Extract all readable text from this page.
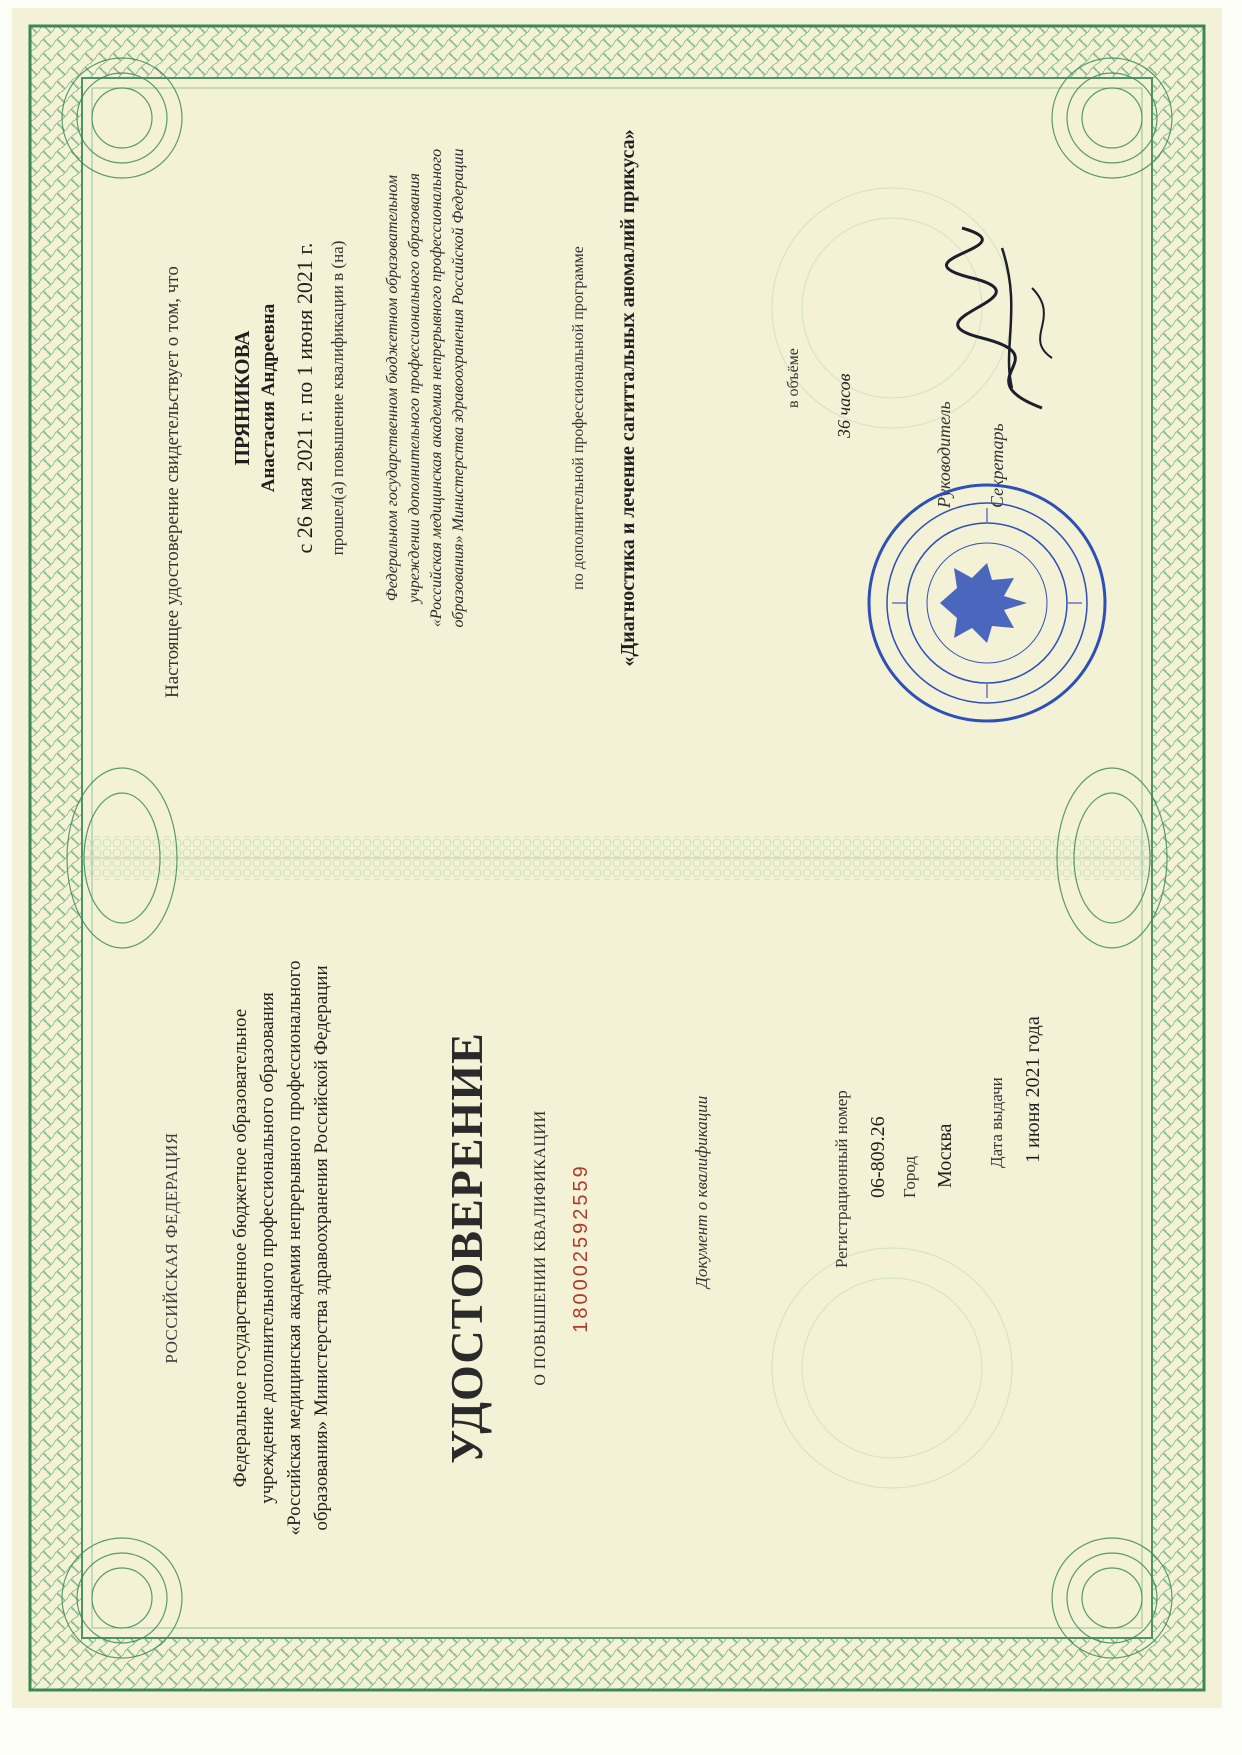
РОССИЙСКАЯ ФЕДЕРАЦИЯ	Федеральное государственное бюджетное образовательное учреждение дополнительного профессионального образования «Российская медицинская академия непрерывного профессионального образования» Министерства здравоохранения Российской Федерации УДОСТОВЕРЕНИЕ	О ПОВЫШЕНИИ КВАЛИФИКАЦИИ 180002592559	Документ о квалификации	Регистрационный номер 06-809.26 Город Москва Дата выдачи 1 июня 2021 года
Настоящее удостоверение свидетельствует о том, что ПРЯНИКОВА Анастасия Андреевна с 26 мая 2021 г. по 1 июня 2021 г. прошел(а) повышение квалификации в (на) Федеральном государственном бюджетном образовательном учреждении дополнительного профессионального образования «Российская медицинская академия непрерывного профессионального образования» Министерства здравоохранения Российской Федерации	по дополнительной профессиональной программе «Диагностика и лечение сагиттальных аномалий прикуса»	в объёме 36 часов	Руководитель Секретарь
